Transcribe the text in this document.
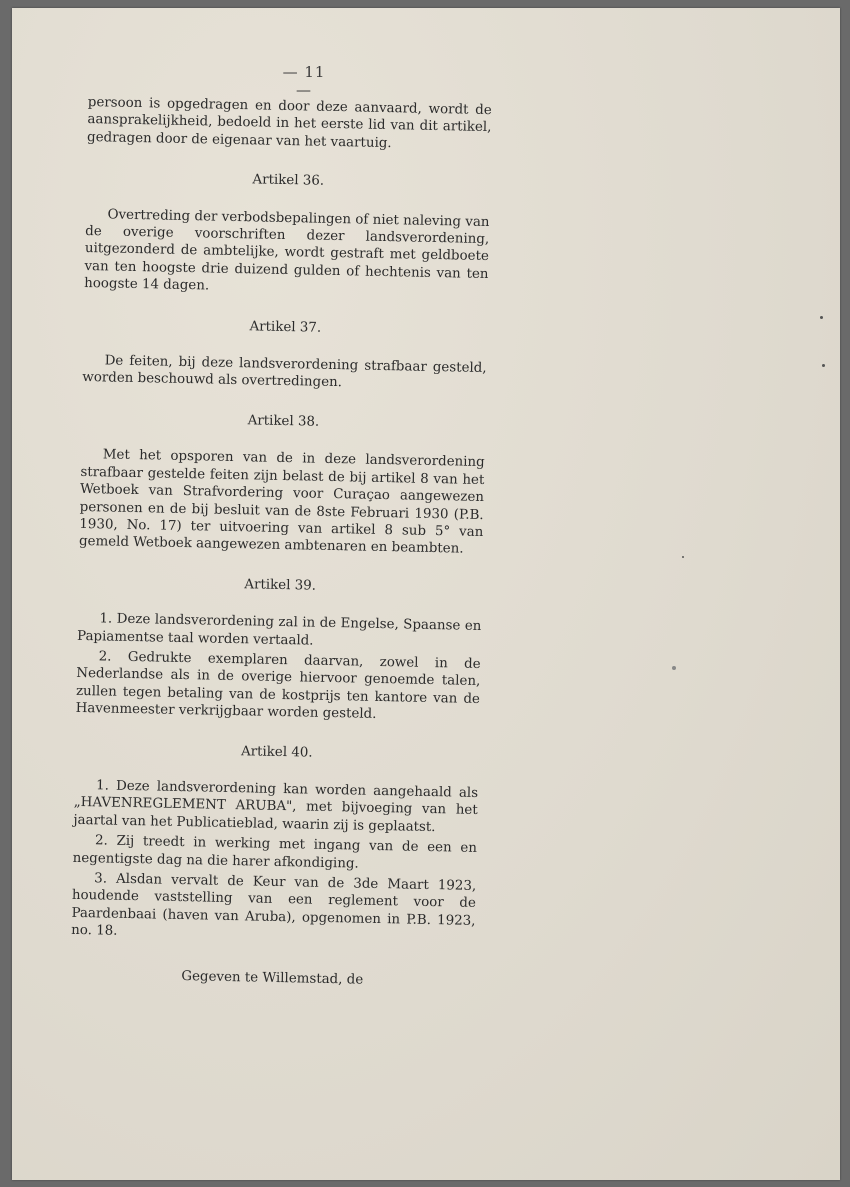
— 11 —

persoon is opgedragen en door deze aanvaard, wordt de aansprakelijkheid, bedoeld in het eerste lid van dit artikel, gedragen door de eigenaar van het vaartuig.

Artikel 36.

Overtreding der verbodsbepalingen of niet naleving van de overige voorschriften dezer landsverordening, uitgezonderd de ambtelijke, wordt gestraft met geldboete van ten hoogste drie duizend gulden of hechtenis van ten hoogste 14 dagen.

Artikel 37.

De feiten, bij deze landsverordening strafbaar gesteld, worden beschouwd als overtredingen.

Artikel 38.

Met het opsporen van de in deze landsverordening strafbaar gestelde feiten zijn belast de bij artikel 8 van het Wetboek van Strafvordering voor Curaçao aangewezen personen en de bij besluit van de 8ste Februari 1930 (P.B. 1930, No. 17) ter uitvoering van artikel 8 sub 5° van gemeld Wetboek aangewezen ambtenaren en beambten.

Artikel 39.

1. Deze landsverordening zal in de Engelse, Spaanse en Papiamentse taal worden vertaald.

2. Gedrukte exemplaren daarvan, zowel in de Nederlandse als in de overige hiervoor genoemde talen, zullen tegen betaling van de kostprijs ten kantore van de Havenmeester verkrijgbaar worden gesteld.

Artikel 40.

1. Deze landsverordening kan worden aangehaald als „HAVENREGLEMENT ARUBA", met bijvoeging van het jaartal van het Publicatieblad, waarin zij is geplaatst.

2. Zij treedt in werking met ingang van de een en negentigste dag na die harer afkondiging.

3. Alsdan vervalt de Keur van de 3de Maart 1923, houdende vaststelling van een reglement voor de Paardenbaai (haven van Aruba), opgenomen in P.B. 1923, no. 18.

Gegeven te Willemstad, de
